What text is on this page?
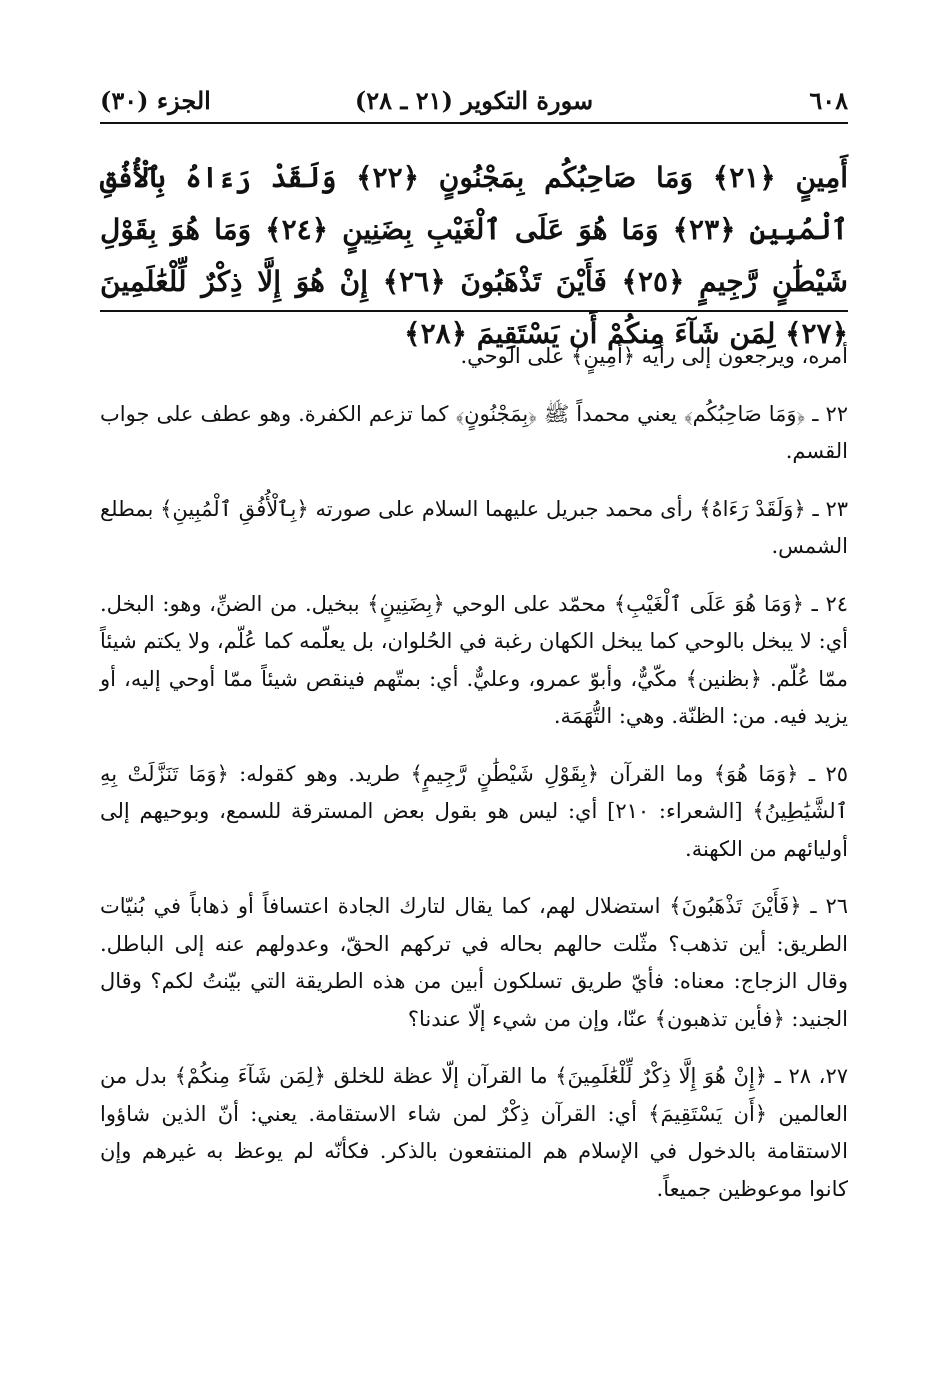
٦٠٨
سورة التكوير (٢١ ـ ٢٨)
الجزء (٣٠)
أَمِينٍ ﴿٢١﴾ وَمَا صَاحِبُكُم بِمَجْنُونٍ ﴿٢٢﴾ وَلَقَدْ رَءَاهُ بِٱلْأُفُقِ ٱلْمُبِينِ ﴿٢٣﴾ وَمَا هُوَ عَلَى ٱلْغَيْبِ بِضَنِينٍ ﴿٢٤﴾ وَمَا هُوَ بِقَوْلِ شَيْطَٰنٍ رَّجِيمٍ ﴿٢٥﴾ فَأَيْنَ تَذْهَبُونَ ﴿٢٦﴾ إِنْ هُوَ إِلَّا ذِكْرٌ لِّلْعَٰلَمِينَ ﴿٢٧﴾ لِمَن شَآءَ مِنكُمْ أَن يَسْتَقِيمَ ﴿٢٨﴾

أمره، ويرجعون إلى رأيه ﴿أَمِينٍ﴾ على الوحي.

٢٢ ـ ﴿وَمَا صَاحِبُكُم﴾ يعني محمداً ﷺ ﴿بِمَجْنُونٍ﴾ كما تزعم الكفرة. وهو عطف على جواب القسم.

٢٣ ـ ﴿وَلَقَدْ رَءَاهُ﴾ رأى محمد جبريل عليهما السلام على صورته ﴿بِٱلْأُفُقِ ٱلْمُبِينِ﴾ بمطلع الشمس.

٢٤ ـ ﴿وَمَا هُوَ عَلَى ٱلْغَيْبِ﴾ محمّد على الوحي ﴿بِضَنِينٍ﴾ ببخيل. من الضنِّ، وهو: البخل. أي: لا يبخل بالوحي كما يبخل الكهان رغبة في الحُلوان، بل يعلّمه كما عُلّم، ولا يكتم شيئاً ممّا عُلّم. ﴿بظنين﴾ مكّيٌّ، وأبوّ عمرو، وعليٌّ. أي: بمتّهم فينقص شيئاً ممّا أوحي إليه، أو يزيد فيه. من: الظنّة. وهي: التُّهَمَة.

٢٥ ـ ﴿وَمَا هُوَ﴾ وما القرآن ﴿بِقَوْلِ شَيْطَٰنٍ رَّجِيمٍ﴾ طريد. وهو كقوله: ﴿وَمَا تَنَزَّلَتْ بِهِ ٱلشَّيَٰطِينُ﴾ [الشعراء: ٢١٠] أي: ليس هو بقول بعض المسترقة للسمع، وبوحيهم إلى أوليائهم من الكهنة.

٢٦ ـ ﴿فَأَيْنَ تَذْهَبُونَ﴾ استضلال لهم، كما يقال لتارك الجادة اعتسافاً أو ذهاباً في بُنيّات الطريق: أين تذهب؟ مثّلت حالهم بحاله في تركهم الحقّ، وعدولهم عنه إلى الباطل. وقال الزجاج: معناه: فأيّ طريق تسلكون أبين من هذه الطريقة التي بيّنتُ لكم؟ وقال الجنيد: ﴿فأين تذهبون﴾ عنّا، وإن من شيء إلّا عندنا؟

٢٧، ٢٨ ـ ﴿إِنْ هُوَ إِلَّا ذِكْرٌ لِّلْعَٰلَمِينَ﴾ ما القرآن إلّا عظة للخلق ﴿لِمَن شَآءَ مِنكُمْ﴾ بدل من العالمين ﴿أَن يَسْتَقِيمَ﴾ أي: القرآن ذِكْرٌ لمن شاء الاستقامة. يعني: أنّ الذين شاؤوا الاستقامة بالدخول في الإسلام هم المنتفعون بالذكر. فكأنّه لم يوعظ به غيرهم وإن كانوا موعوظين جميعاً.
